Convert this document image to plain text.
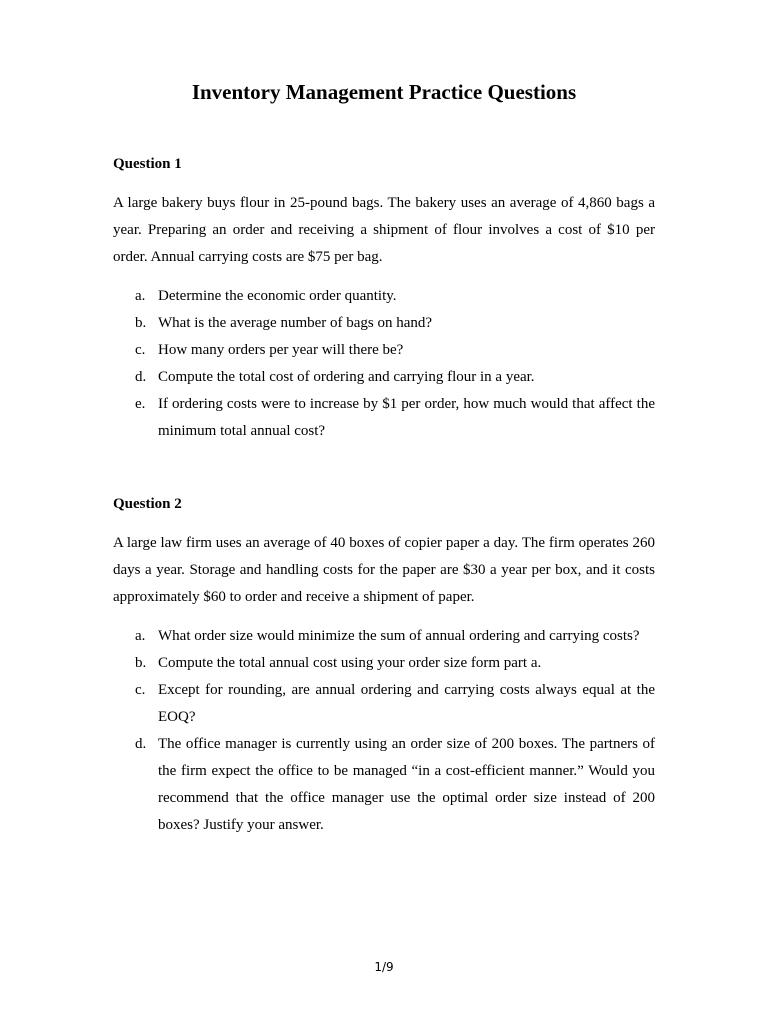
Inventory Management Practice Questions

Question 1

A large bakery buys flour in 25-pound bags. The bakery uses an average of 4,860 bags a year. Preparing an order and receiving a shipment of flour involves a cost of $10 per order. Annual carrying costs are $75 per bag.

a. Determine the economic order quantity.
b. What is the average number of bags on hand?
c. How many orders per year will there be?
d. Compute the total cost of ordering and carrying flour in a year.
e. If ordering costs were to increase by $1 per order, how much would that affect the minimum total annual cost?

Question 2

A large law firm uses an average of 40 boxes of copier paper a day. The firm operates 260 days a year. Storage and handling costs for the paper are $30 a year per box, and it costs approximately $60 to order and receive a shipment of paper.

a. What order size would minimize the sum of annual ordering and carrying costs?
b. Compute the total annual cost using your order size form part a.
c. Except for rounding, are annual ordering and carrying costs always equal at the EOQ?
d. The office manager is currently using an order size of 200 boxes. The partners of the firm expect the office to be managed “in a cost-efficient manner.” Would you recommend that the office manager use the optimal order size instead of 200 boxes? Justify your answer.
1/9
